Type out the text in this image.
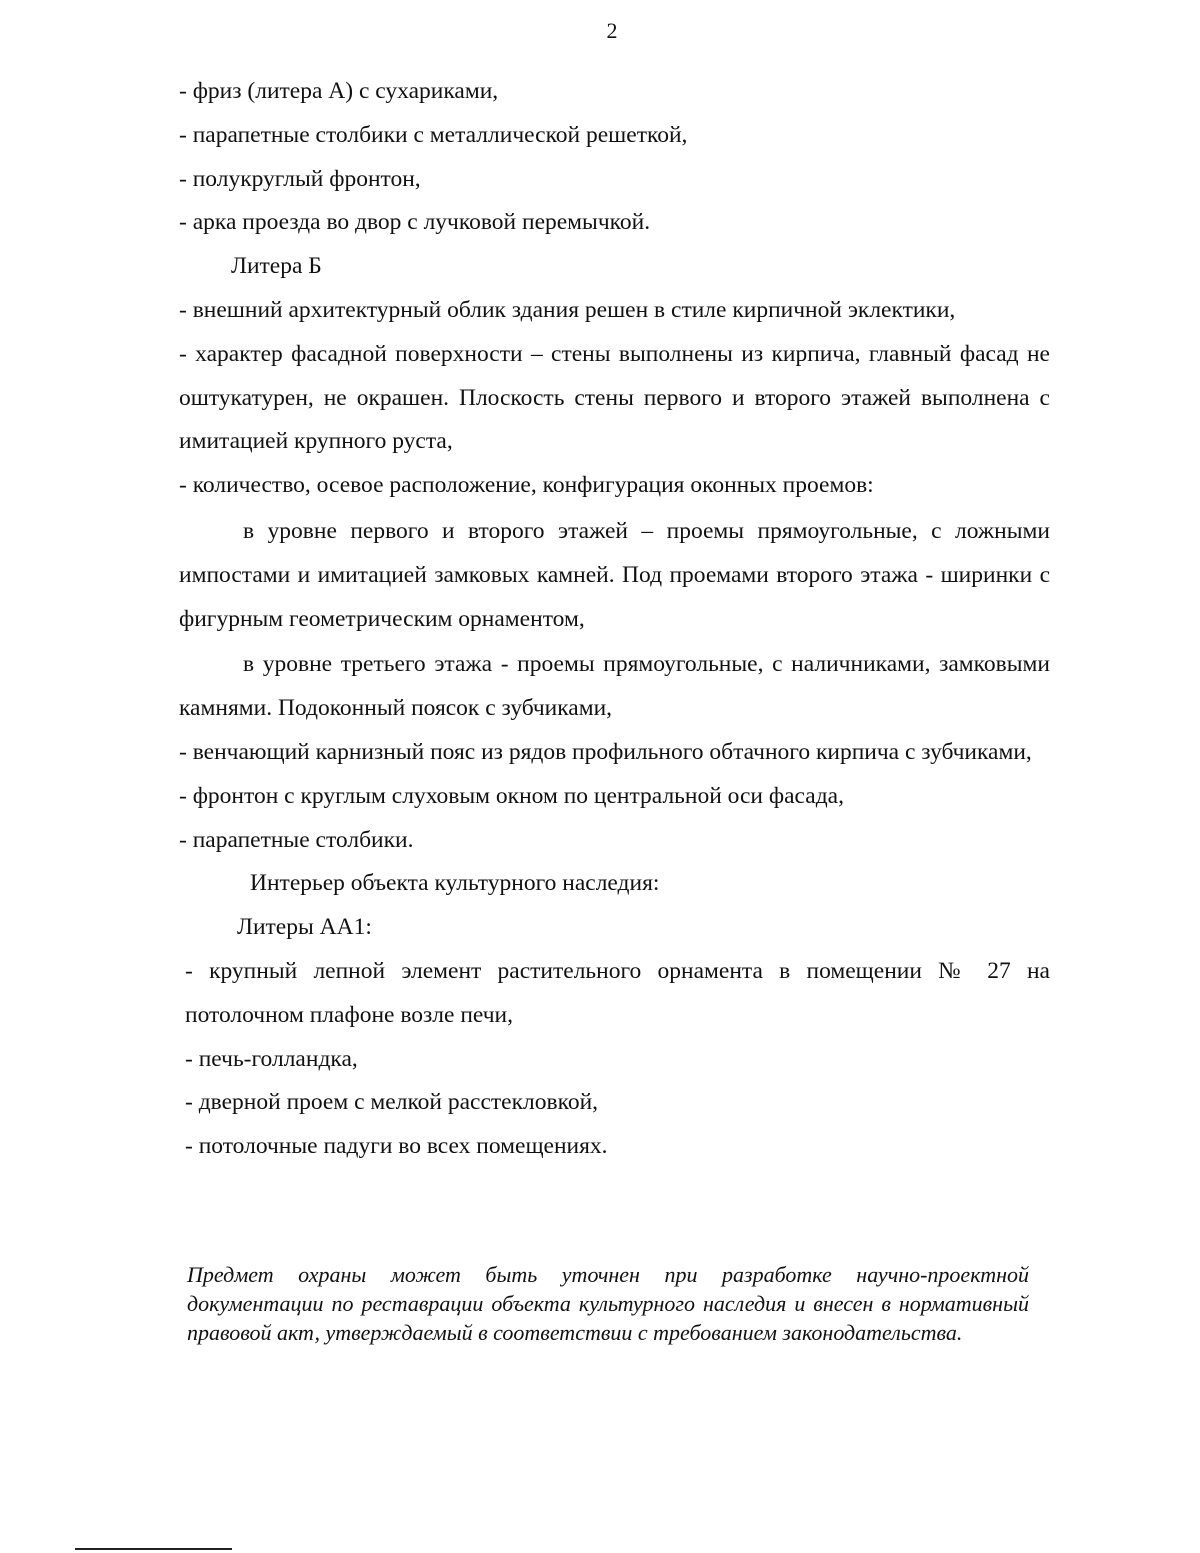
2

- фриз (литера А) с сухариками,

- парапетные столбики с металлической решеткой,

- полукруглый фронтон,

- арка проезда во двор с лучковой перемычкой.

Литера Б

- внешний архитектурный облик здания решен в стиле кирпичной эклектики,

- характер фасадной поверхности – стены выполнены из кирпича, главный фасад не оштукатурен, не окрашен. Плоскость стены первого и второго этажей выполнена с имитацией крупного руста,

- количество, осевое расположение, конфигурация оконных проемов:

в уровне первого и второго этажей – проемы прямоугольные, с ложными импостами и имитацией замковых камней. Под проемами второго этажа - ширинки с фигурным геометрическим орнаментом,

в уровне третьего этажа - проемы прямоугольные, с наличниками, замковыми камнями. Подоконный поясок с зубчиками,

- венчающий карнизный пояс из рядов профильного обтачного кирпича с зубчиками,

- фронтон с круглым слуховым окном по центральной оси фасада,

- парапетные столбики.

Интерьер объекта культурного наследия:

Литеры АА1:

- крупный лепной элемент растительного орнамента в помещении № 27 на потолочном плафоне возле печи,

- печь-голландка,

- дверной проем с мелкой расстекловкой,

- потолочные падуги во всех помещениях.

Предмет охраны может быть уточнен при разработке научно-проектной документации по реставрации объекта культурного наследия и внесен в нормативный правовой акт, утверждаемый в соответствии с требованием законодательства.
